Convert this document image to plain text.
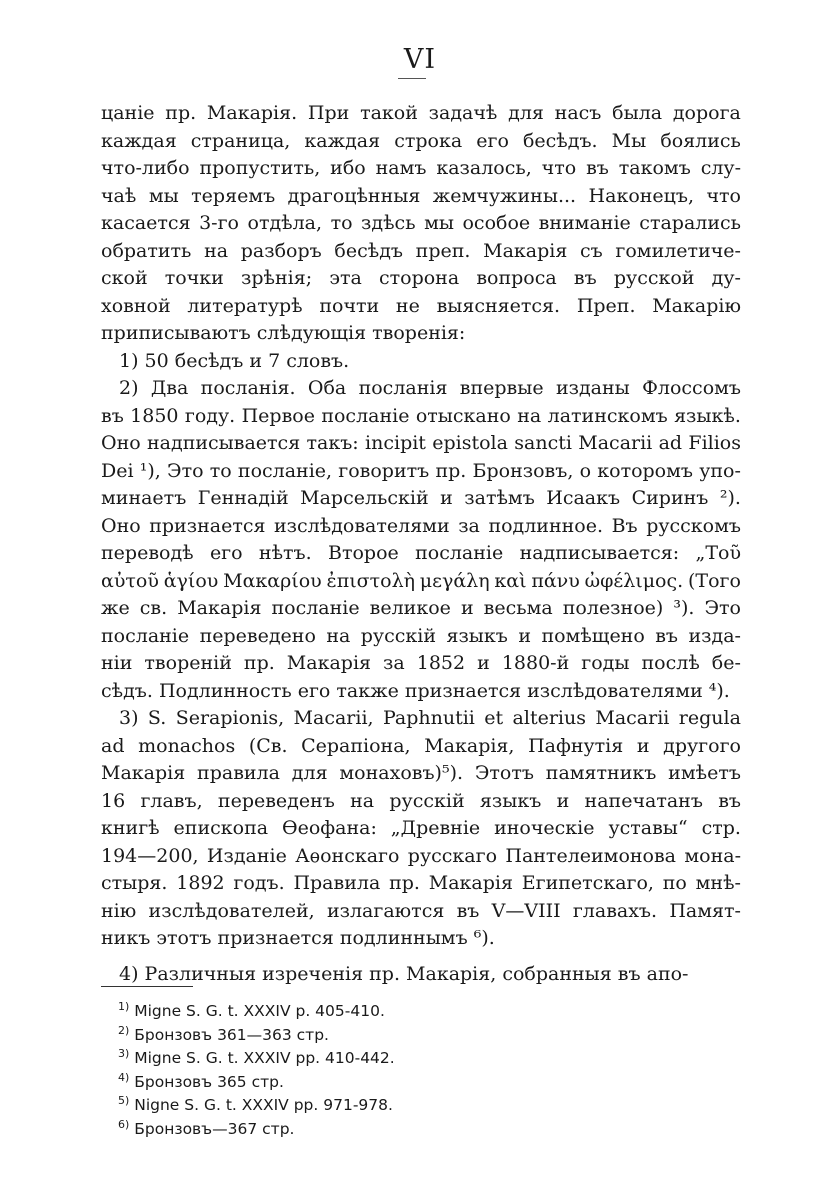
VI
цаніе пр. Макарія. При такой задачѣ для насъ была дорога
каждая страница, каждая строка его бесѣдъ. Мы боялись
что-либо пропустить, ибо намъ казалось, что въ такомъ слу-
чаѣ мы теряемъ драгоцѣнныя жемчужины... Наконецъ, что
касается 3-го отдѣла, то здѣсь мы особое вниманіе старались
обратить на разборъ бесѣдъ преп. Макарія съ гомилетиче-
ской точки зрѣнія; эта сторона вопроса въ русской ду-
ховной литературѣ почти не выясняется. Преп. Макарію
приписываютъ слѣдующія творенія:
1) 50 бесѣдъ и 7 словъ.
2) Два посланія. Оба посланія впервые изданы Флоссомъ
въ 1850 году. Первое посланіе отыскано на латинскомъ языкѣ.
Оно надписывается такъ: incipit epistola sancti Macarii ad Filios
Dei ¹), Это то посланіе, говоритъ пр. Бронзовъ, о которомъ упо-
минаетъ Геннадій Марсельскій и затѣмъ Исаакъ Сиринъ ²).
Оно признается изслѣдователями за подлинное. Въ русскомъ
переводѣ его нѣтъ. Второе посланіе надписывается: „Τοῦ
αὐτοῦ ἁγίου Μακαρίου ἐπιστολὴ μεγάλη καὶ πάνυ ὠφέλιμος. (Того
же св. Макарія посланіе великое и весьма полезное) ³). Это
посланіе переведено на русскій языкъ и помѣщено въ изда-
ніи твореній пр. Макарія за 1852 и 1880-й годы послѣ бе-
сѣдъ. Подлинность его также признается изслѣдователями ⁴).
3) S. Serapionis, Macarii, Paphnutii et alterius Macarii regula
ad monachos (Св. Серапіона, Макарія, Пафнутія и другого
Макарія правила для монаховъ)⁵). Этотъ памятникъ имѣетъ
16 главъ, переведенъ на русскій языкъ и напечатанъ въ
книгѣ епископа Ѳеофана: „Древніе иноческіе уставы“ стр.
194—200, Изданіе Аѳонскаго русскаго Пантелеимонова мона-
стыря. 1892 годъ. Правила пр. Макарія Египетскаго, по мнѣ-
нію изслѣдователей, излагаются въ V—VIII главахъ. Памят-
никъ этотъ признается подлиннымъ ⁶).
4) Различныя изреченія пр. Макарія, собранныя въ апо-
$^{1)}$ Migne S. G. t. XXXIV p. 405-410.
$^{2)}$ Бронзовъ 361—363 стр.
$^{3)}$ Migne S. G. t. XXXIV pp. 410-442.
$^{4)}$ Бронзовъ 365 стр.
$^{5)}$ Nigne S. G. t. XXXIV pp. 971-978.
$^{6)}$ Бронзовъ—367 стр.
